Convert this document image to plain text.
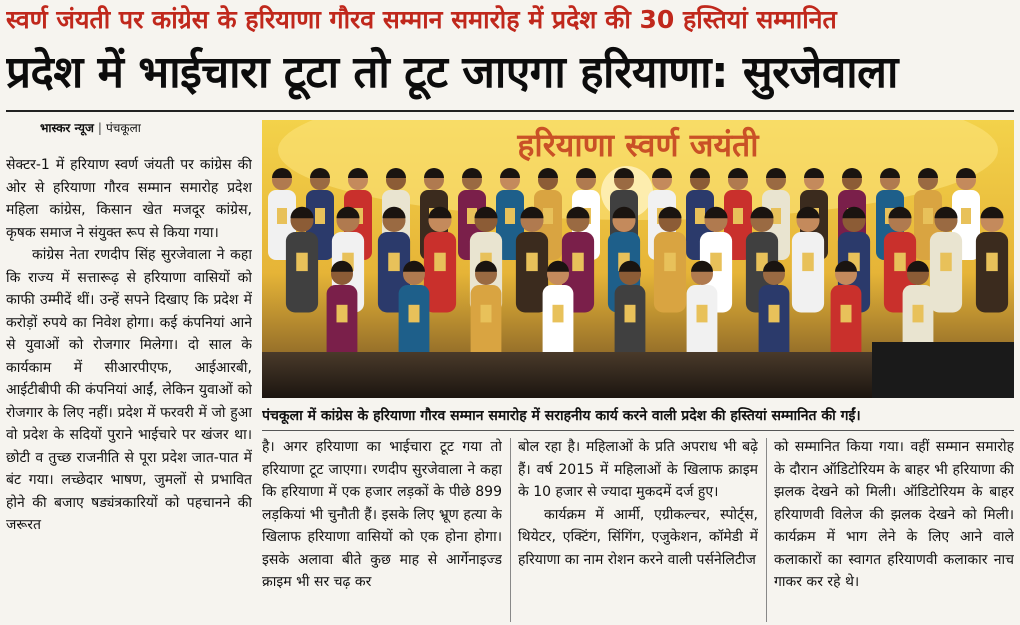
स्वर्ण जंयती पर कांग्रेस के हरियाणा गौरव सम्मान समारोह में प्रदेश की 30 हस्तियां सम्मानित
प्रदेश में भाईचारा टूटा तो टूट जाएगा हरियाणा: सुरजेवाला
भास्कर न्यूज | पंचकूला	हरियाणा स्वर्ण जयंती
पंचकूला में कांग्रेस के हरियाणा गौरव सम्मान समारोह में सराहनीय कार्य करने वाली प्रदेश की हस्तियां सम्मानित की गईं।

सेक्टर-1 में हरियाण स्वर्ण जंयती पर कांग्रेस की ओर से हरियाणा गौरव सम्मान समारोह प्रदेश महिला कांग्रेस, किसान खेत मजदूर कांग्रेस, कृषक समाज ने संयुक्त रूप से किया गया।

कांग्रेस नेता रणदीप सिंह सुरजेवाला ने कहा कि राज्य में सत्तारूढ़ से हरियाणा वासियों को काफी उम्मीदें थीं। उन्हें सपने दिखाए कि प्रदेश में करोड़ों रुपये का निवेश होगा। कई कंपनियां आने से युवाओं को रोजगार मिलेगा। दो साल के कार्यकाम में सीआरपीएफ, आईआरबी, आईटीबीपी की कंपनियां आईं, लेकिन युवाओं को रोजगार के लिए नहीं। प्रदेश में फरवरी में जो हुआ वो प्रदेश के सदियों पुराने भाईचारे पर खंजर था। छोटी व तुच्छ राजनीति से पूरा प्रदेश जात-पात में बंट गया। लच्छेदार भाषण, जुमलों से प्रभावित होने की बजाए षड्यंत्रकारियों को पहचानने की जरूरत

है। अगर हरियाणा का भाईचारा टूट गया तो हरियाणा टूट जाएगा। रणदीप सुरजेवाला ने कहा कि हरियाणा में एक हजार लड़कों के पीछे 899 लड़कियां भी चुनौती हैं। इसके लिए भ्रूण हत्या के खिलाफ हरियाणा वासियों को एक होना होगा। इसके अलावा बीते कुछ माह से आर्गेनाइज्ड क्राइम भी सर चढ़ कर

बोल रहा है। महिलाओं के प्रति अपराध भी बढ़े हैं। वर्ष 2015 में महिलाओं के खिलाफ क्राइम के 10 हजार से ज्यादा मुकदमें दर्ज हुए।

कार्यक्रम में आर्मी, एग्रीकल्चर, स्पोर्ट्स, थियेटर, एक्टिंग, सिंगिंग, एजुकेशन, कॉमेडी में हरियाणा का नाम रोशन करने वाली पर्सनेलिटीज

को सम्मानित किया गया। वहीं सम्मान समारोह के दौरान ऑडिटोरियम के बाहर भी हरियाणा की झलक देखने को मिली। ऑडिटोरियम के बाहर हरियाणवी विलेज की झलक देखने को मिली। कार्यक्रम में भाग लेने के लिए आने वाले कलाकारों का स्वागत हरियाणवी कलाकार नाच गाकर कर रहे थे।
